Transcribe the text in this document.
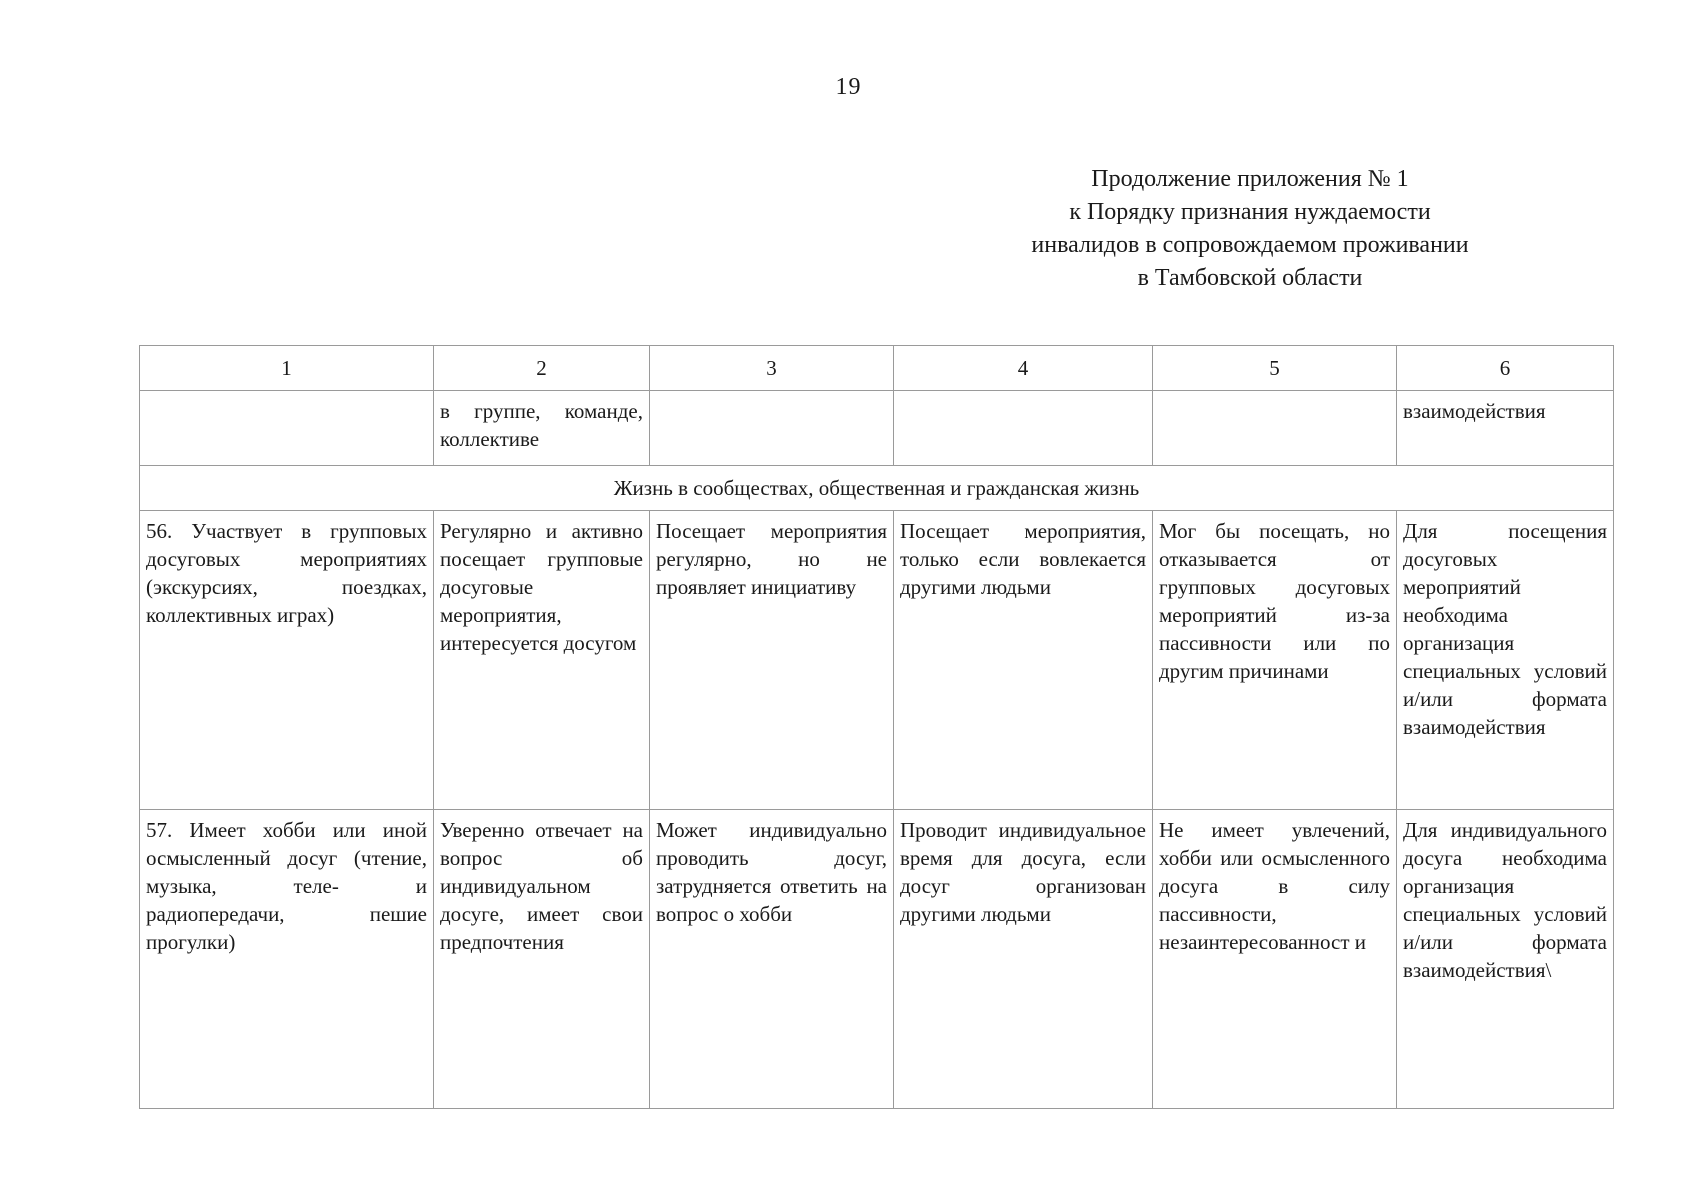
19
Продолжение приложения № 1
к Порядку признания нуждаемости
инвалидов в сопровождаемом проживании
в Тамбовской области
1	2	3	4	5	6
	в группе, команде, коллективе				взаимодействия
Жизнь в сообществах, общественная и гражданская жизнь					
56. Участвует в групповых досуговых мероприятиях (экскурсиях, поездках, коллективных играх)	Регулярно и активно посещает групповые досуговые мероприятия, интересуется досугом	Посещает мероприятия регулярно, но не проявляет инициативу	Посещает мероприятия, только если вовлекается другими людьми	Мог бы посещать, но отказывается от групповых досуговых мероприятий из-за пассивности или по другим причинами	Для посещения досуговых мероприятий необходима организация специальных условий и/или формата взаимодействия
57. Имеет хобби или иной осмысленный досуг (чтение, музыка, теле- и радиопередачи, пешие прогулки)	Уверенно отвечает на вопрос об индивидуальном досуге, имеет свои предпочтения	Может индивидуально проводить досуг, затрудняется ответить на вопрос о хобби	Проводит индивидуальное время для досуга, если досуг организован другими людьми	Не имеет увлечений, хобби или осмысленного досуга в силу пассивности, незаинтересованност и	Для индивидуального досуга необходима организация специальных условий и/или формата взаимодействия\
